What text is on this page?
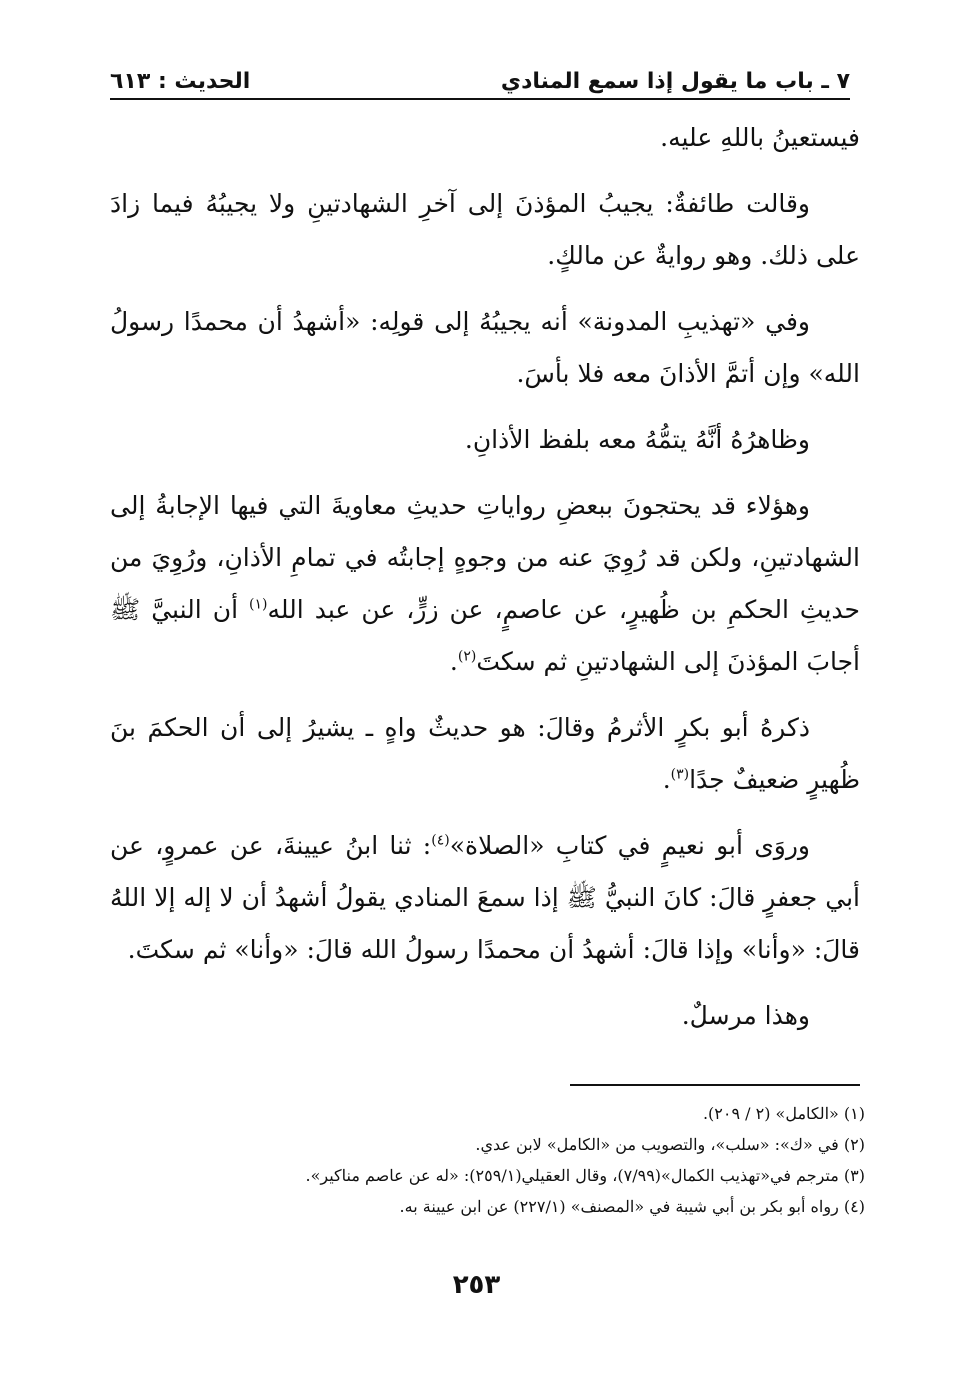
٧ ـ باب ما يقول إذا سمع المنادي
الحديث : ٦١٣

فيستعينُ باللهِ عليه.

وقالت طائفةٌ: يجيبُ المؤذنَ إلى آخرِ الشهادتينِ ولا يجيبُهُ فيما زادَ على ذلك. وهو روايةٌ عن مالكٍ.

وفي «تهذيبِ المدونة» أنه يجيبُهُ إلى قولِه: «أشهدُ أن محمدًا رسولُ الله» وإن أتمَّ الأذانَ معه فلا بأسَ.

وظاهرُهُ أنَّهُ يتمُّهُ معه بلفظ الأذانِ.

وهؤلاء قد يحتجونَ ببعضِ رواياتِ حديثِ معاويةَ التي فيها الإجابةُ إلى الشهادتينِ، ولكن قد رُوِيَ عنه من وجوهٍ إجابتُه في تمامِ الأذانِ، ورُوِيَ من حديثِ الحكمِ بن ظُهيرٍ، عن عاصمٍ، عن زرٍّ، عن عبد الله$^{(١)}$ أن النبيَّ ﷺ أجابَ المؤذنَ إلى الشهادتينِ ثم سكتَ$^{(٢)}$.

ذكرهُ أبو بكرٍ الأثرمُ وقالَ: هو حديثٌ واهٍ ـ يشيرُ إلى أن الحكمَ بنَ ظُهيرٍ ضعيفٌ جدًا$^{(٣)}$.

وروَى أبو نعيمٍ في كتابِ «الصلاة»$^{(٤)}$: ثنا ابنُ عيينةَ، عن عمروٍ، عن أبي جعفرٍ قالَ: كانَ النبيُّ ﷺ إذا سمعَ المنادي يقولُ أشهدُ أن لا إله إلا اللهُ قالَ: «وأنا» وإذا قالَ: أشهدُ أن محمدًا رسولُ الله قالَ: «وأنا» ثم سكتَ.

وهذا مرسلٌ.

(١) «الكامل» (٢ / ٢٠٩).
(٢) في «ك»: «سلب»، والتصويب من «الكامل» لابن عدي.
(٣) مترجم في«تهذيب الكمال»(٧/٩٩)، وقال العقيلي(٢٥٩/١): «له عن عاصم مناكير».
(٤) رواه أبو بكر بن أبي شيبة في «المصنف» (٢٢٧/١) عن ابن عيينة به.
٢٥٣
